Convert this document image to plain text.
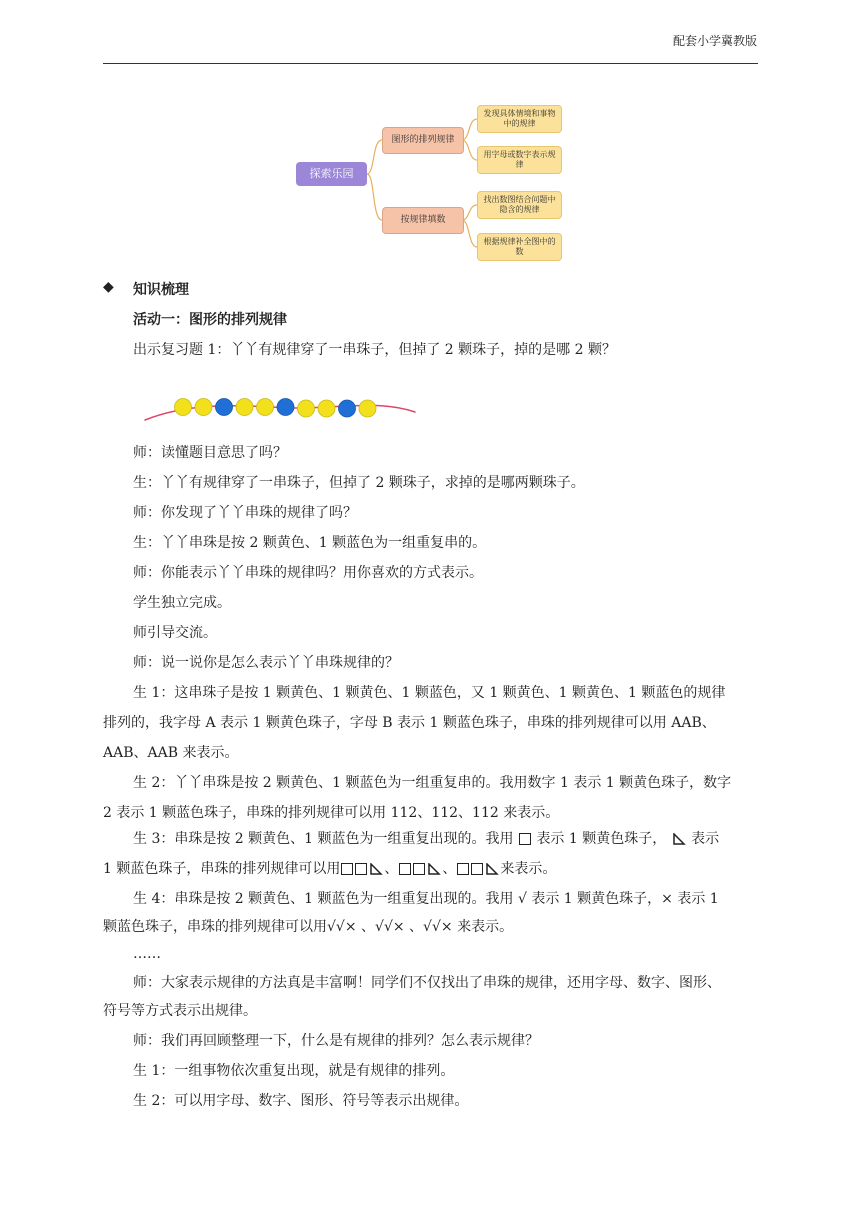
配套小学冀教版
探索乐园
图形的排列规律
按规律填数
发现具体情境和事物中的规律
用字母或数字表示规律
找出数图结合问题中隐含的规律
根据规律补全图中的数
◆ 知识梳理
活动一：图形的排列规律
出示复习题 1：丫丫有规律穿了一串珠子，但掉了 2 颗珠子，掉的是哪 2 颗？
师：读懂题目意思了吗？
生：丫丫有规律穿了一串珠子，但掉了 2 颗珠子，求掉的是哪两颗珠子。
师：你发现了丫丫串珠的规律了吗？
生：丫丫串珠是按 2 颗黄色、1 颗蓝色为一组重复串的。
师：你能表示丫丫串珠的规律吗？用你喜欢的方式表示。
学生独立完成。
师引导交流。
师：说一说你是怎么表示丫丫串珠规律的？
生 1：这串珠子是按 1 颗黄色、1 颗黄色、1 颗蓝色，又 1 颗黄色、1 颗黄色、1 颗蓝色的规律
排列的，我字母 A 表示 1 颗黄色珠子，字母 B 表示 1 颗蓝色珠子，串珠的排列规律可以用 AAB、
AAB、AAB 来表示。
生 2：丫丫串珠是按 2 颗黄色、1 颗蓝色为一组重复串的。我用数字 1 表示 1 颗黄色珠子，数字
2 表示 1 颗蓝色珠子，串珠的排列规律可以用 112、112、112 来表示。
生 3：串珠是按 2 颗黄色、1 颗蓝色为一组重复出现的。我用 表示 1 颗黄色珠子， 表示
1 颗蓝色珠子，串珠的排列规律可以用	、	、	来表示。
生 4：串珠是按 2 颗黄色、1 颗蓝色为一组重复出现的。我用 √ 表示 1 颗黄色珠子，× 表示 1
颗蓝色珠子，串珠的排列规律可以用√√× 、√√× 、√√× 来表示。
……
师：大家表示规律的方法真是丰富啊！同学们不仅找出了串珠的规律，还用字母、数字、图形、
符号等方式表示出规律。
师：我们再回顾整理一下，什么是有规律的排列？怎么表示规律？
生 1：一组事物依次重复出现，就是有规律的排列。
生 2：可以用字母、数字、图形、符号等表示出规律。
